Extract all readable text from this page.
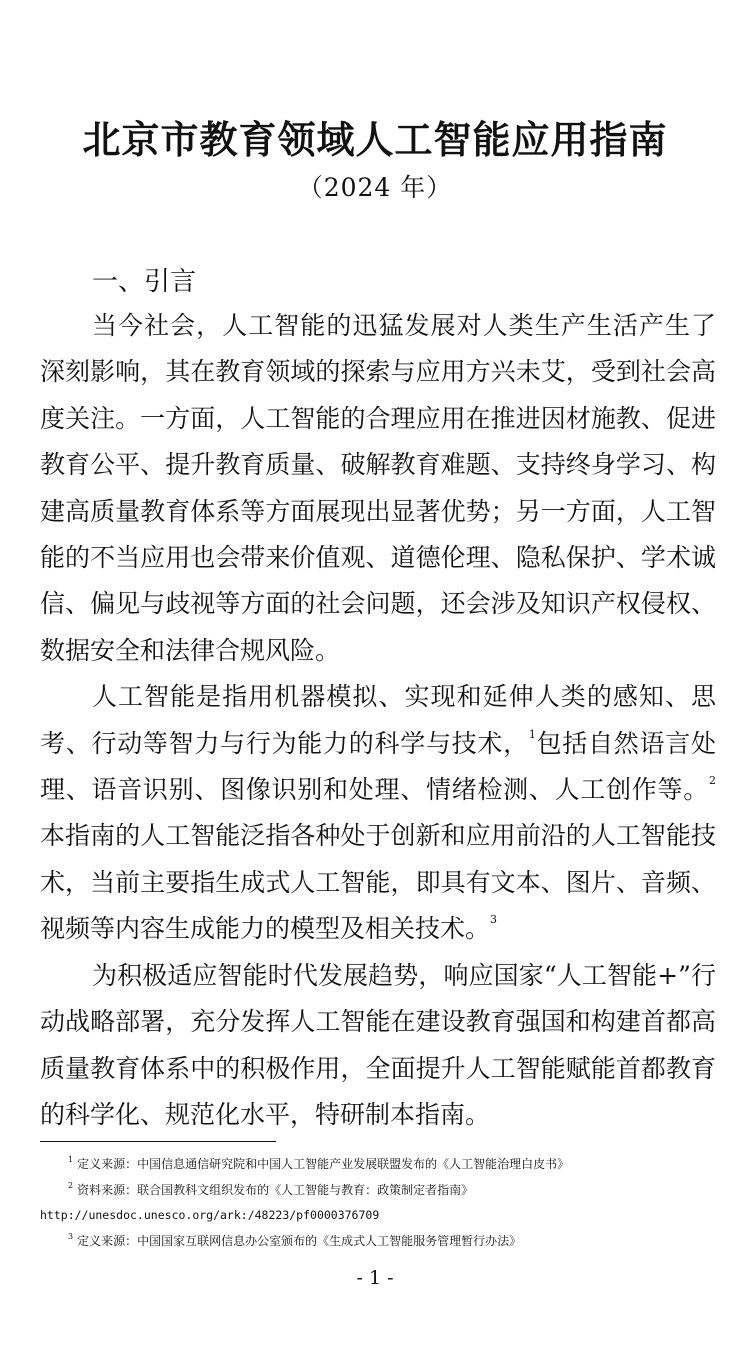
北京市教育领域人工智能应用指南
（2024 年）
一、引言

当今社会，人工智能的迅猛发展对人类生产生活产生了深刻影响，其在教育领域的探索与应用方兴未艾，受到社会高度关注。一方面，人工智能的合理应用在推进因材施教、促进教育公平、提升教育质量、破解教育难题、支持终身学习、构建高质量教育体系等方面展现出显著优势；另一方面，人工智能的不当应用也会带来价值观、道德伦理、隐私保护、学术诚信、偏见与歧视等方面的社会问题，还会涉及知识产权侵权、数据安全和法律合规风险。

人工智能是指用机器模拟、实现和延伸人类的感知、思考、行动等智力与行为能力的科学与技术，$^1$包括自然语言处理、语音识别、图像识别和处理、情绪检测、人工创作等。$^2$本指南的人工智能泛指各种处于创新和应用前沿的人工智能技术，当前主要指生成式人工智能，即具有文本、图片、音频、视频等内容生成能力的模型及相关技术。$^3$

为积极适应智能时代发展趋势，响应国家“人工智能+”行动战略部署，充分发挥人工智能在建设教育强国和构建首都高质量教育体系中的积极作用，全面提升人工智能赋能首都教育的科学化、规范化水平，特研制本指南。

$^1$ 定义来源：中国信息通信研究院和中国人工智能产业发展联盟发布的《人工智能治理白皮书》

$^2$ 资料来源：联合国教科文组织发布的《人工智能与教育：政策制定者指南》

http://unesdoc.unesco.org/ark:/48223/pf0000376709

$^3$ 定义来源：中国国家互联网信息办公室颁布的《生成式人工智能服务管理暂行办法》

- 1 -
